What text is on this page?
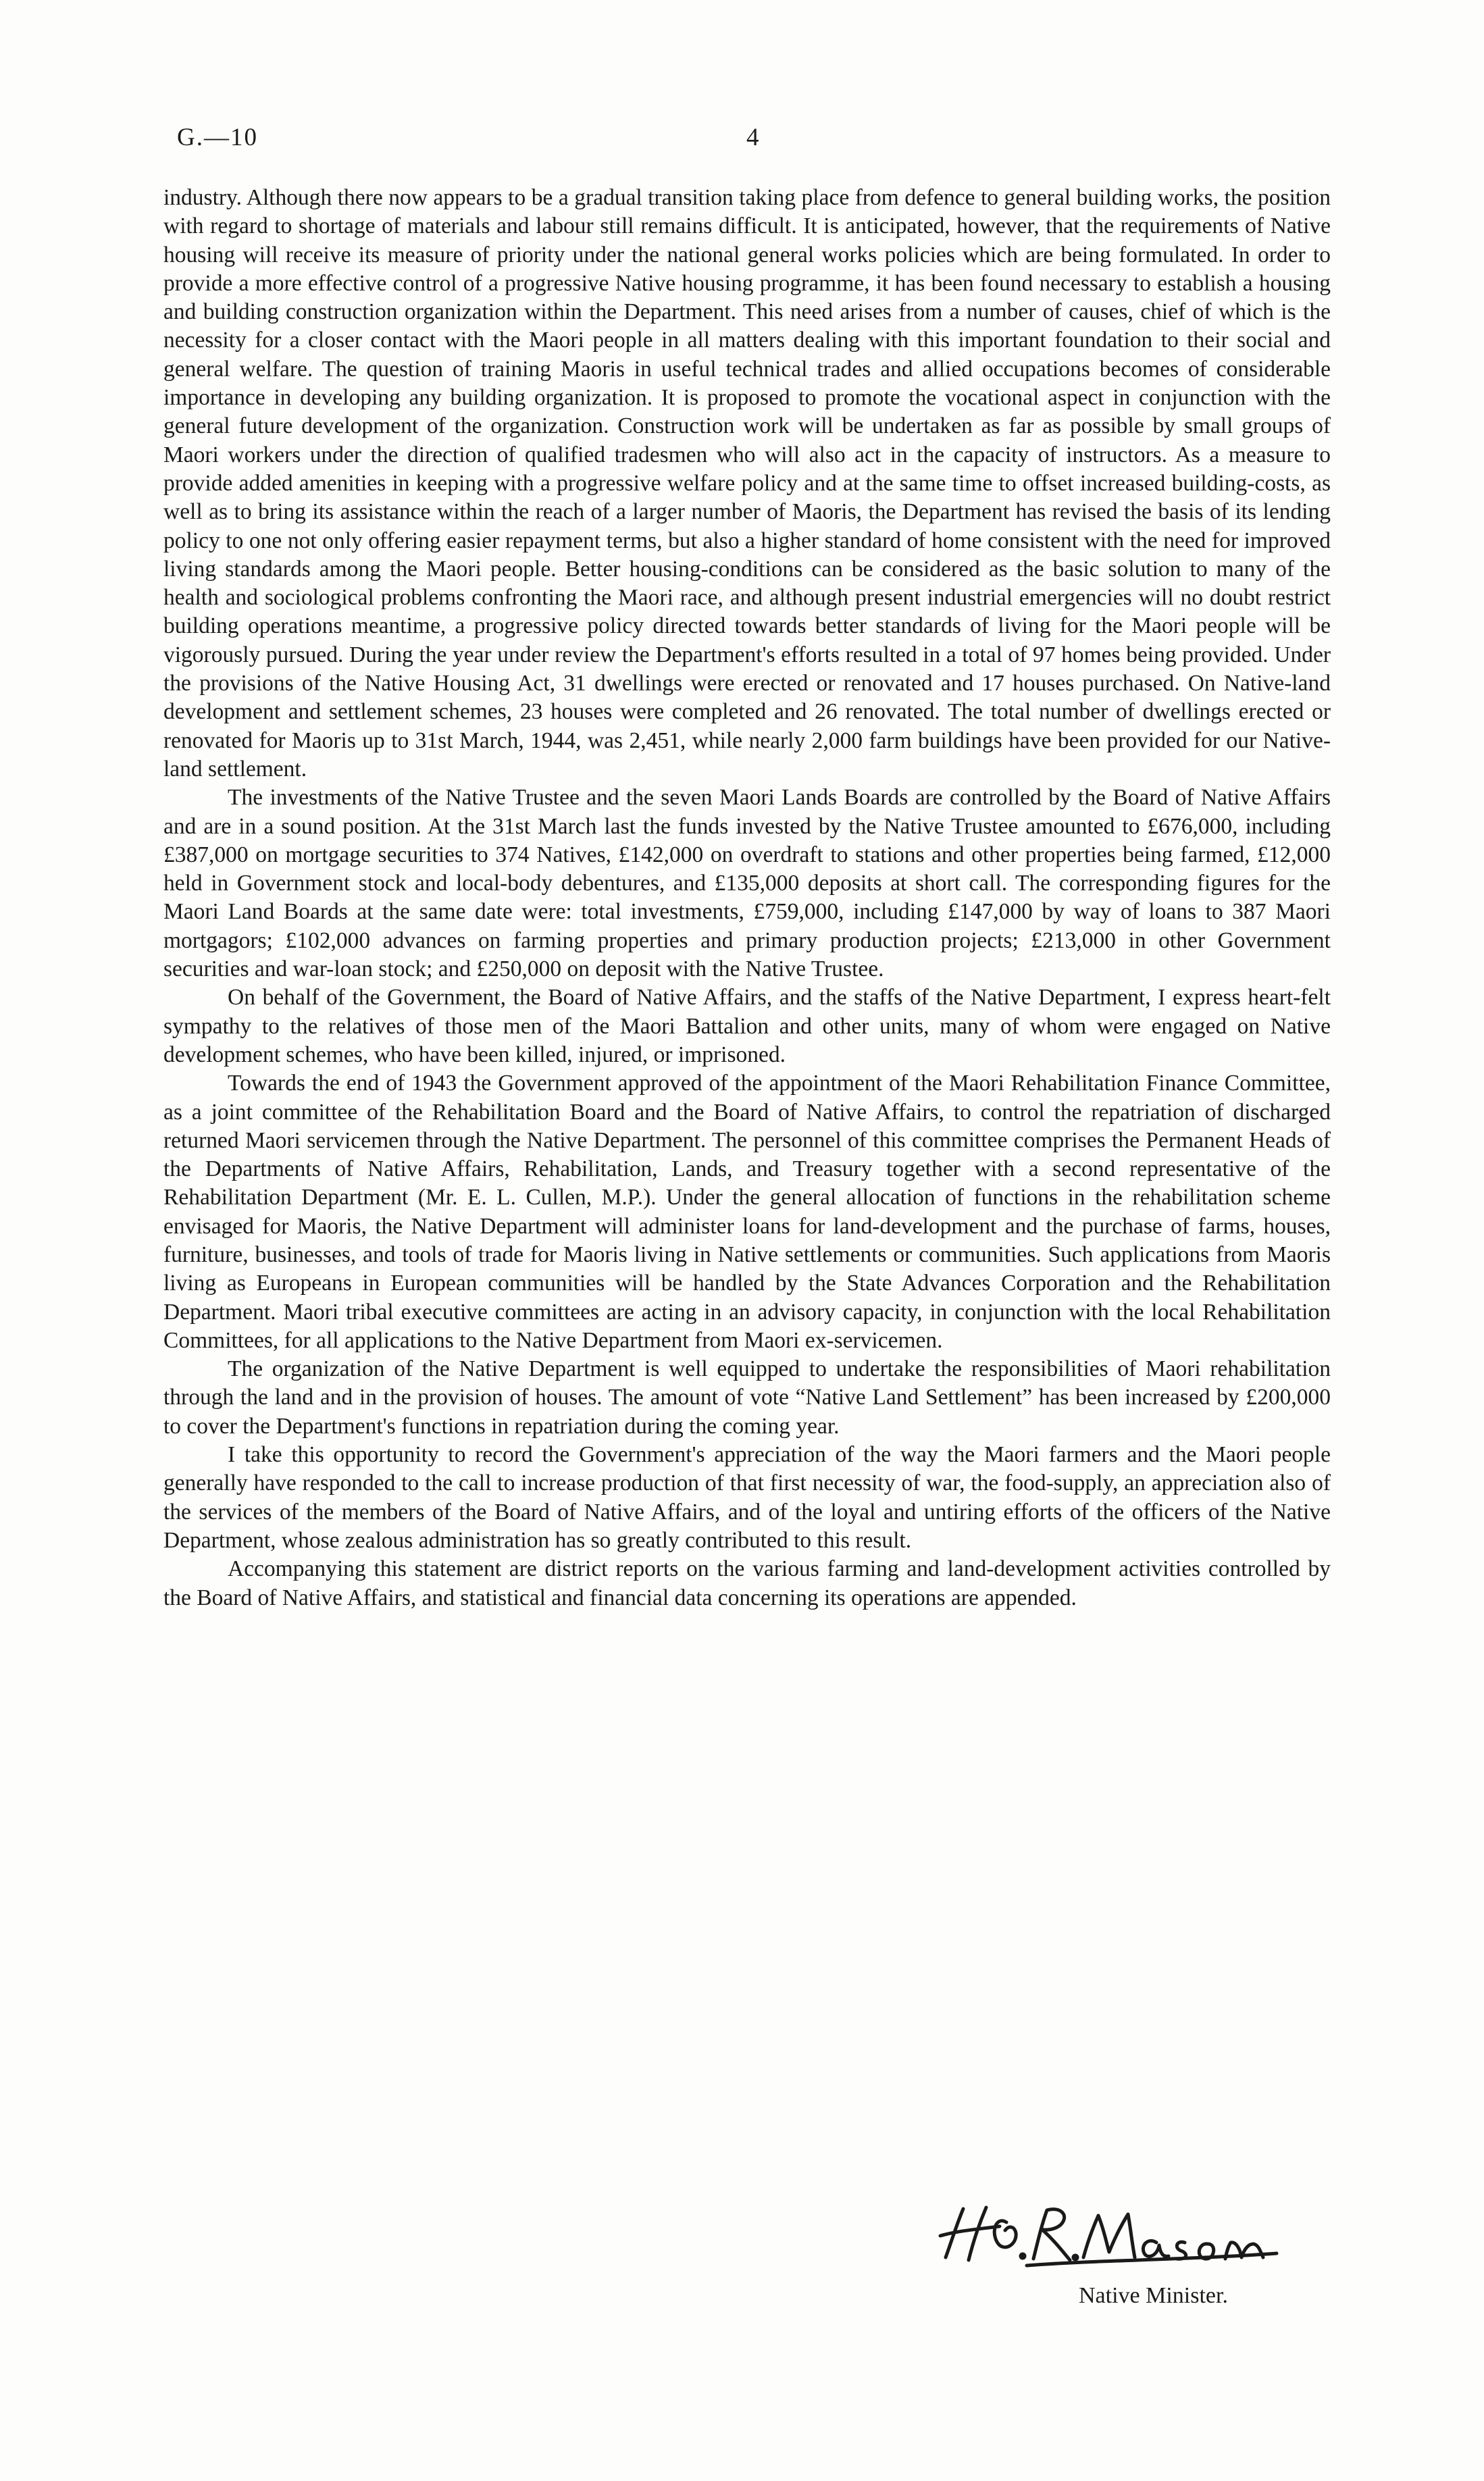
G.—10	4

industry. Although there now appears to be a gradual transition taking place from defence to general building works, the position with regard to shortage of materials and labour still remains difficult. It is anticipated, however, that the requirements of Native housing will receive its measure of priority under the national general works policies which are being formulated. In order to provide a more effective control of a progressive Native housing programme, it has been found necessary to establish a housing and building construction organization within the Department. This need arises from a number of causes, chief of which is the necessity for a closer contact with the Maori people in all matters dealing with this important foundation to their social and general welfare. The question of training Maoris in useful technical trades and allied occupations becomes of considerable importance in developing any building organization. It is proposed to promote the vocational aspect in conjunction with the general future development of the organization. Construction work will be undertaken as far as possible by small groups of Maori workers under the direction of qualified tradesmen who will also act in the capacity of instructors. As a measure to provide added amenities in keeping with a progressive welfare policy and at the same time to offset increased building-costs, as well as to bring its assistance within the reach of a larger number of Maoris, the Department has revised the basis of its lending policy to one not only offering easier repayment terms, but also a higher standard of home consistent with the need for improved living standards among the Maori people. Better housing-conditions can be considered as the basic solution to many of the health and sociological problems confronting the Maori race, and although present industrial emergencies will no doubt restrict building operations meantime, a progressive policy directed towards better standards of living for the Maori people will be vigorously pursued. During the year under review the Department's efforts resulted in a total of 97 homes being provided. Under the provisions of the Native Housing Act, 31 dwellings were erected or renovated and 17 houses purchased. On Native-land development and settlement schemes, 23 houses were completed and 26 renovated. The total number of dwellings erected or renovated for Maoris up to 31st March, 1944, was 2,451, while nearly 2,000 farm buildings have been provided for our Native-land settlement.

The investments of the Native Trustee and the seven Maori Lands Boards are controlled by the Board of Native Affairs and are in a sound position. At the 31st March last the funds invested by the Native Trustee amounted to £676,000, including £387,000 on mortgage securities to 374 Natives, £142,000 on overdraft to stations and other properties being farmed, £12,000 held in Government stock and local-body debentures, and £135,000 deposits at short call. The corresponding figures for the Maori Land Boards at the same date were: total investments, £759,000, including £147,000 by way of loans to 387 Maori mortgagors; £102,000 advances on farming properties and primary production projects; £213,000 in other Government securities and war-loan stock; and £250,000 on deposit with the Native Trustee.

On behalf of the Government, the Board of Native Affairs, and the staffs of the Native Department, I express heart-felt sympathy to the relatives of those men of the Maori Battalion and other units, many of whom were engaged on Native development schemes, who have been killed, injured, or imprisoned.

Towards the end of 1943 the Government approved of the appointment of the Maori Rehabilitation Finance Committee, as a joint committee of the Rehabilitation Board and the Board of Native Affairs, to control the repatriation of discharged returned Maori servicemen through the Native Department. The personnel of this committee comprises the Permanent Heads of the Departments of Native Affairs, Rehabilitation, Lands, and Treasury together with a second representative of the Rehabilitation Department (Mr. E. L. Cullen, M.P.). Under the general allocation of functions in the rehabilitation scheme envisaged for Maoris, the Native Department will administer loans for land-development and the purchase of farms, houses, furniture, businesses, and tools of trade for Maoris living in Native settlements or communities. Such applications from Maoris living as Europeans in European communities will be handled by the State Advances Corporation and the Rehabilitation Department. Maori tribal executive committees are acting in an advisory capacity, in conjunction with the local Rehabilitation Committees, for all applications to the Native Department from Maori ex-servicemen.

The organization of the Native Department is well equipped to undertake the responsibilities of Maori rehabilitation through the land and in the provision of houses. The amount of vote “Native Land Settlement” has been increased by £200,000 to cover the Department's functions in repatriation during the coming year.

I take this opportunity to record the Government's appreciation of the way the Maori farmers and the Maori people generally have responded to the call to increase production of that first necessity of war, the food-supply, an appreciation also of the services of the members of the Board of Native Affairs, and of the loyal and untiring efforts of the officers of the Native Department, whose zealous administration has so greatly contributed to this result.

Accompanying this statement are district reports on the various farming and land-development activities controlled by the Board of Native Affairs, and statistical and financial data concerning its operations are appended.

Native Minister.
